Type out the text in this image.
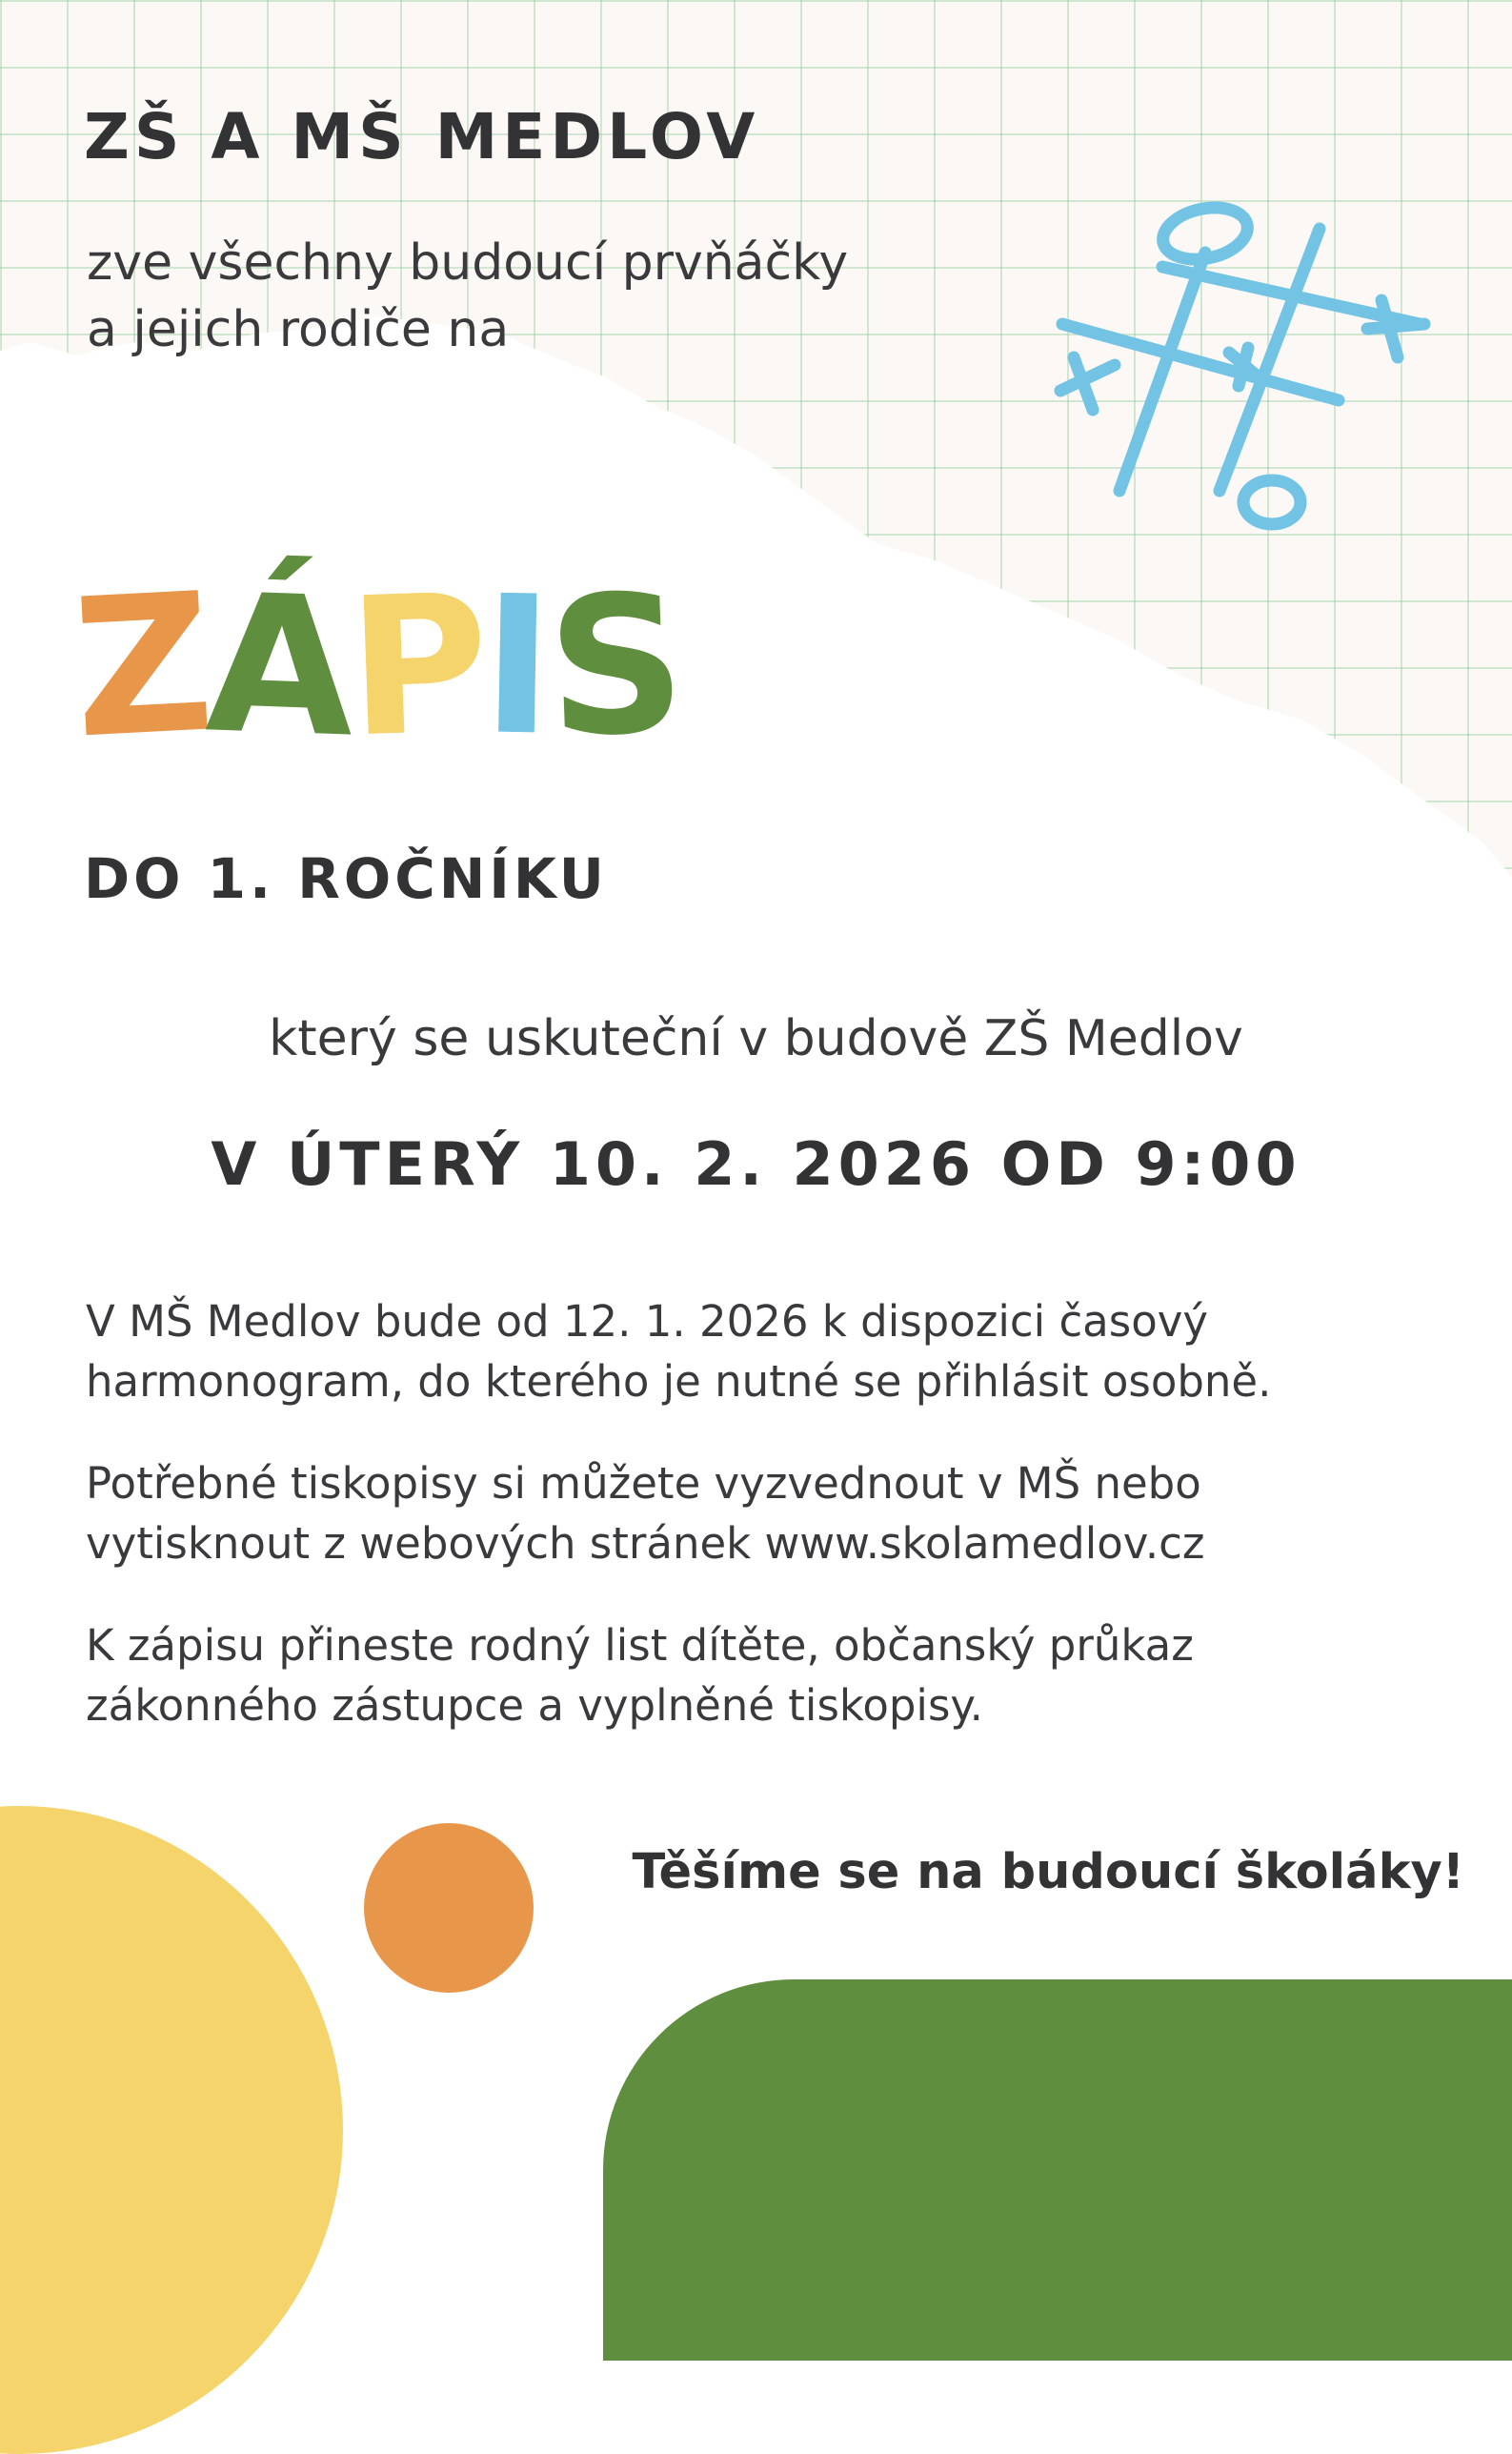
ZŠ A MŠ MEDLOV

zve všechny budoucí prvňáčky

a jejich rodiče na

Z
Á
P
I
S

DO 1. ROČNÍKU

který se uskuteční v budově ZŠ Medlov

V ÚTERÝ 10. 2. 2026 OD 9:00

V MŠ Medlov bude od 12. 1. 2026 k dispozici časový
harmonogram, do kterého je nutné se přihlásit osobně.
Potřebné tiskopisy si můžete vyzvednout v MŠ nebo
vytisknout z webových stránek www.skolamedlov.cz
K zápisu přineste rodný list dítěte, občanský průkaz
zákonného zástupce a vyplněné tiskopisy.

Těšíme se na budoucí školáky!
